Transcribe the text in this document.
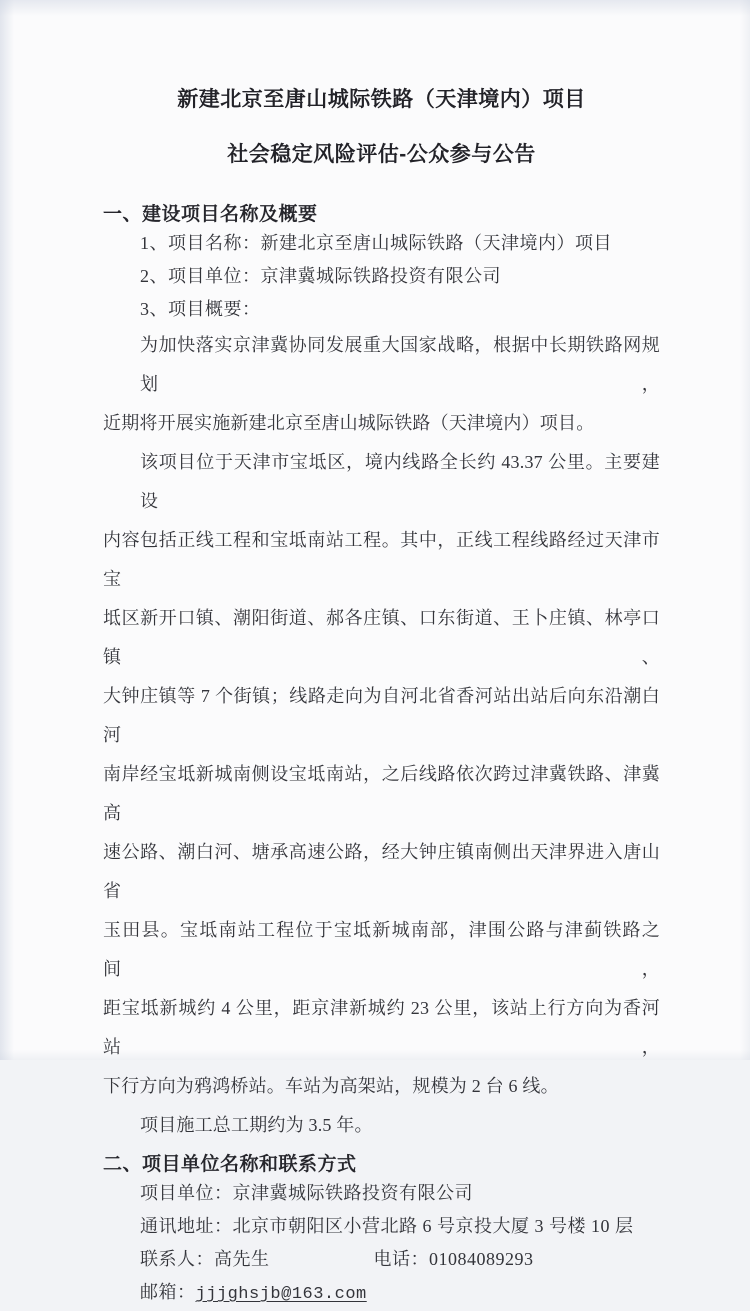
新建北京至唐山城际铁路（天津境内）项目
社会稳定风险评估-公众参与公告
一、建设项目名称及概要
1、项目名称：新建北京至唐山城际铁路（天津境内）项目
2、项目单位：京津冀城际铁路投资有限公司
3、项目概要：
为加快落实京津冀协同发展重大国家战略，根据中长期铁路网规划，
近期将开展实施新建北京至唐山城际铁路（天津境内）项目。
该项目位于天津市宝坻区，境内线路全长约 43.37 公里。主要建设
内容包括正线工程和宝坻南站工程。其中，正线工程线路经过天津市宝
坻区新开口镇、潮阳街道、郝各庄镇、口东街道、王卜庄镇、林亭口镇、
大钟庄镇等 7 个街镇；线路走向为自河北省香河站出站后向东沿潮白河
南岸经宝坻新城南侧设宝坻南站，之后线路依次跨过津冀铁路、津冀高
速公路、潮白河、塘承高速公路，经大钟庄镇南侧出天津界进入唐山省
玉田县。宝坻南站工程位于宝坻新城南部，津围公路与津蓟铁路之间，
距宝坻新城约 4 公里，距京津新城约 23 公里，该站上行方向为香河站，
下行方向为鸦鸿桥站。车站为高架站，规模为 2 台 6 线。
项目施工总工期约为 3.5 年。
二、项目单位名称和联系方式
项目单位：京津冀城际铁路投资有限公司
通讯地址：北京市朝阳区小营北路 6 号京投大厦 3 号楼 10 层
联系人：高先生	电话：01084089293
邮箱：jjjghsjb@163.com
